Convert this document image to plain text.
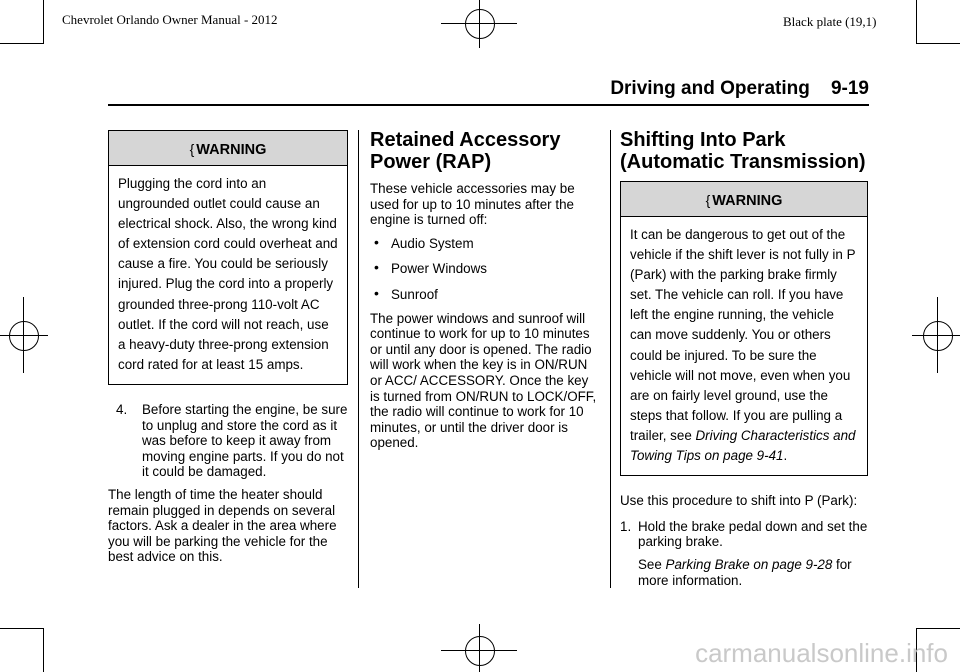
Chevrolet Orlando Owner Manual - 2012	Black plate (19,1)
Driving and Operating 9-19
{ WARNING
Plugging the cord into an ungrounded outlet could cause an electrical shock. Also, the wrong kind of extension cord could overheat and cause a fire. You could be seriously injured. Plug the cord into a properly grounded three-prong 110-volt AC outlet. If the cord will not reach, use a heavy-duty three-prong extension cord rated for at least 15 amps.
4. Before starting the engine, be sure to unplug and store the cord as it was before to keep it away from moving engine parts. If you do not it could be damaged.

The length of time the heater should remain plugged in depends on several factors. Ask a dealer in the area where you will be parking the vehicle for the best advice on this.

Retained Accessory
Power (RAP)

These vehicle accessories may be used for up to 10 minutes after the engine is turned off:

• Audio System
• Power Windows
• Sunroof

The power windows and sunroof will continue to work for up to 10 minutes or until any door is opened. The radio will work when the key is in ON/RUN or ACC/ ACCESSORY. Once the key is turned from ON/RUN to LOCK/OFF, the radio will continue to work for 10 minutes, or until the driver door is opened.

Shifting Into Park
(Automatic Transmission)
{ WARNING
It can be dangerous to get out of the vehicle if the shift lever is not fully in P (Park) with the parking brake firmly set. The vehicle can roll. If you have left the engine running, the vehicle can move suddenly. You or others could be injured. To be sure the vehicle will not move, even when you are on fairly level ground, use the steps that follow. If you are pulling a trailer, see Driving Characteristics and Towing Tips on page 9-41.

Use this procedure to shift into P (Park):

1. Hold the brake pedal down and set the parking brake.

See Parking Brake on page 9-28 for more information.

carmanualsonline.info
